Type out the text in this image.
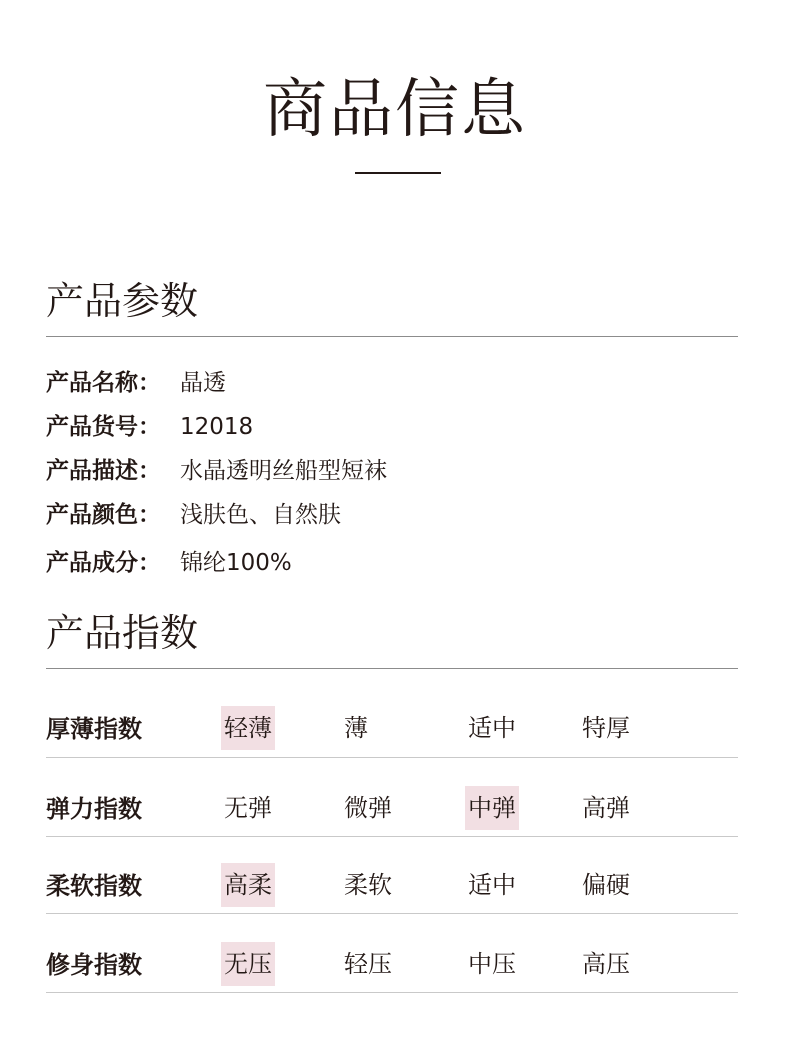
商品信息
产品参数
产品名称： 晶透
产品货号： 12018
产品描述： 水晶透明丝船型短袜
产品颜色： 浅肤色、自然肤
产品成分： 锦纶100%
产品指数
厚薄指数	轻薄	薄	适中	特厚
弹力指数	无弹	微弹	中弹	高弹
柔软指数	高柔	柔软	适中	偏硬
修身指数	无压	轻压	中压	高压
